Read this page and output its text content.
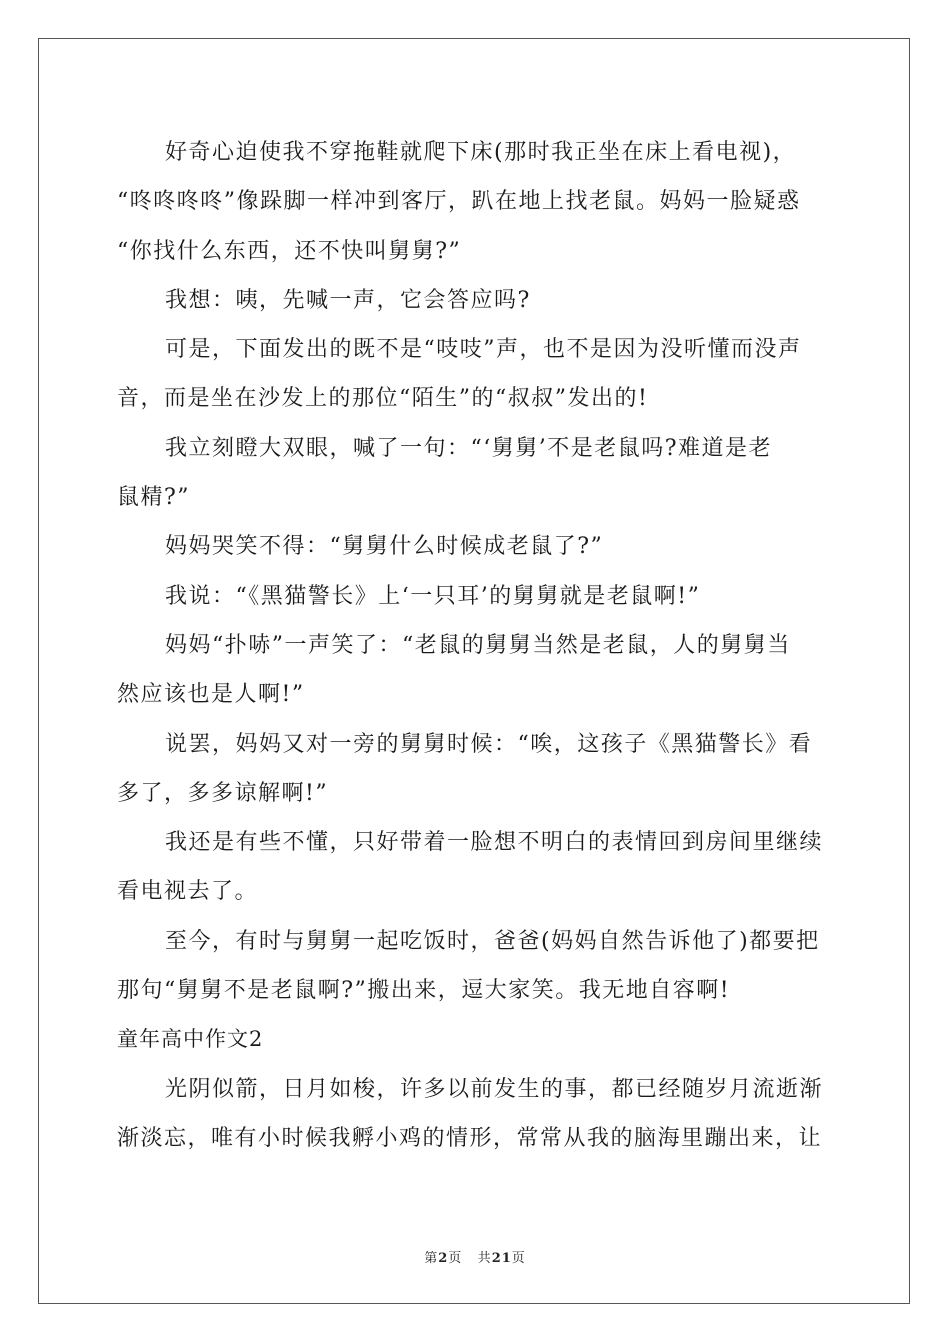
好奇心迫使我不穿拖鞋就爬下床(那时我正坐在床上看电视)，
“咚咚咚咚”像跺脚一样冲到客厅，趴在地上找老鼠。妈妈一脸疑惑
“你找什么东西，还不快叫舅舅?”
我想：咦，先喊一声，它会答应吗?
可是，下面发出的既不是“吱吱”声，也不是因为没听懂而没声
音，而是坐在沙发上的那位“陌生”的“叔叔”发出的!
我立刻瞪大双眼，喊了一句：“‘舅舅’不是老鼠吗?难道是老
鼠精?”
妈妈哭笑不得：“舅舅什么时候成老鼠了?”
我说：“《黑猫警长》上‘一只耳’的舅舅就是老鼠啊!”
妈妈“扑哧”一声笑了：“老鼠的舅舅当然是老鼠，人的舅舅当
然应该也是人啊!”
说罢，妈妈又对一旁的舅舅时候：“唉，这孩子《黑猫警长》看
多了，多多谅解啊!”
我还是有些不懂，只好带着一脸想不明白的表情回到房间里继续
看电视去了。
至今，有时与舅舅一起吃饭时，爸爸(妈妈自然告诉他了)都要把
那句“舅舅不是老鼠啊?”搬出来，逗大家笑。我无地自容啊!
童年高中作文2
光阴似箭，日月如梭，许多以前发生的事，都已经随岁月流逝渐
渐淡忘，唯有小时候我孵小鸡的情形，常常从我的脑海里蹦出来，让
第2页 共21页
